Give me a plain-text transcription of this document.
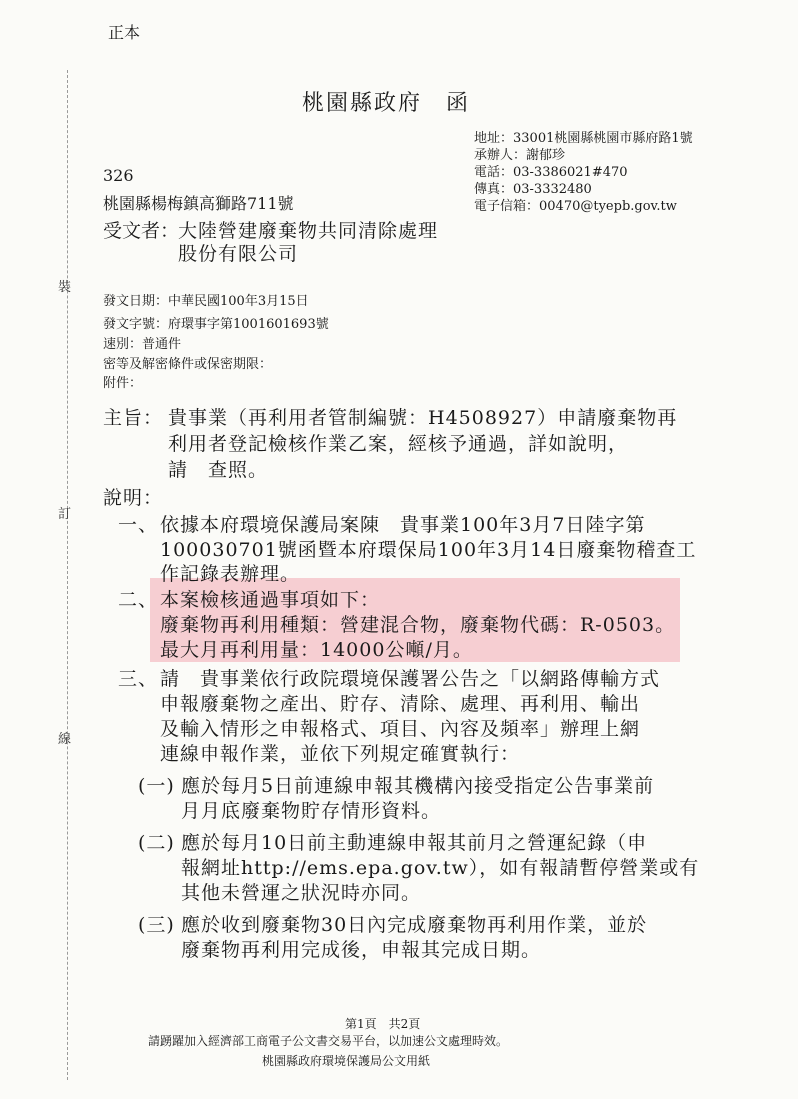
裝
訂
線
正本
桃園縣政府　函
地址：33001桃園縣桃園市縣府路1號
承辦人：謝郁珍
電話：03-3386021#470
傳真：03-3332480
電子信箱：00470@tyepb.gov.tw
326
桃園縣楊梅鎮高獅路711號
受文者：
大陸營建廢棄物共同清除處理
股份有限公司
發文日期：中華民國100年3月15日
發文字號：府環事字第1001601693號
速別：普通件
密等及解密條件或保密期限：
附件：
主旨： 貴事業（再利用者管制編號：H4508927）申請廢棄物再
利用者登記檢核作業乙案，經核予通過，詳如說明，
請　查照。
說明：
一、 依據本府環境保護局案陳　貴事業100年3月7日陸字第
100030701號函暨本府環保局100年3月14日廢棄物稽查工
作記錄表辦理。
二、 本案檢核通過事項如下：
廢棄物再利用種類：營建混合物，廢棄物代碼：R-0503。
最大月再利用量：14000公噸/月。
三、 請　貴事業依行政院環境保護署公告之「以網路傳輸方式
申報廢棄物之產出、貯存、清除、處理、再利用、輸出
及輸入情形之申報格式、項目、內容及頻率」辦理上網
連線申報作業，並依下列規定確實執行：
(一) 應於每月5日前連線申報其機構內接受指定公告事業前
月月底廢棄物貯存情形資料。
(二) 應於每月10日前主動連線申報其前月之營運紀錄（申
報網址http://ems.epa.gov.tw），如有報請暫停營業或有
其他未營運之狀況時亦同。
(三) 應於收到廢棄物30日內完成廢棄物再利用作業，並於
廢棄物再利用完成後，申報其完成日期。
第1頁　共2頁
請踴躍加入經濟部工商電子公文書交易平台，以加速公文處理時效。
桃園縣政府環境保護局公文用紙
